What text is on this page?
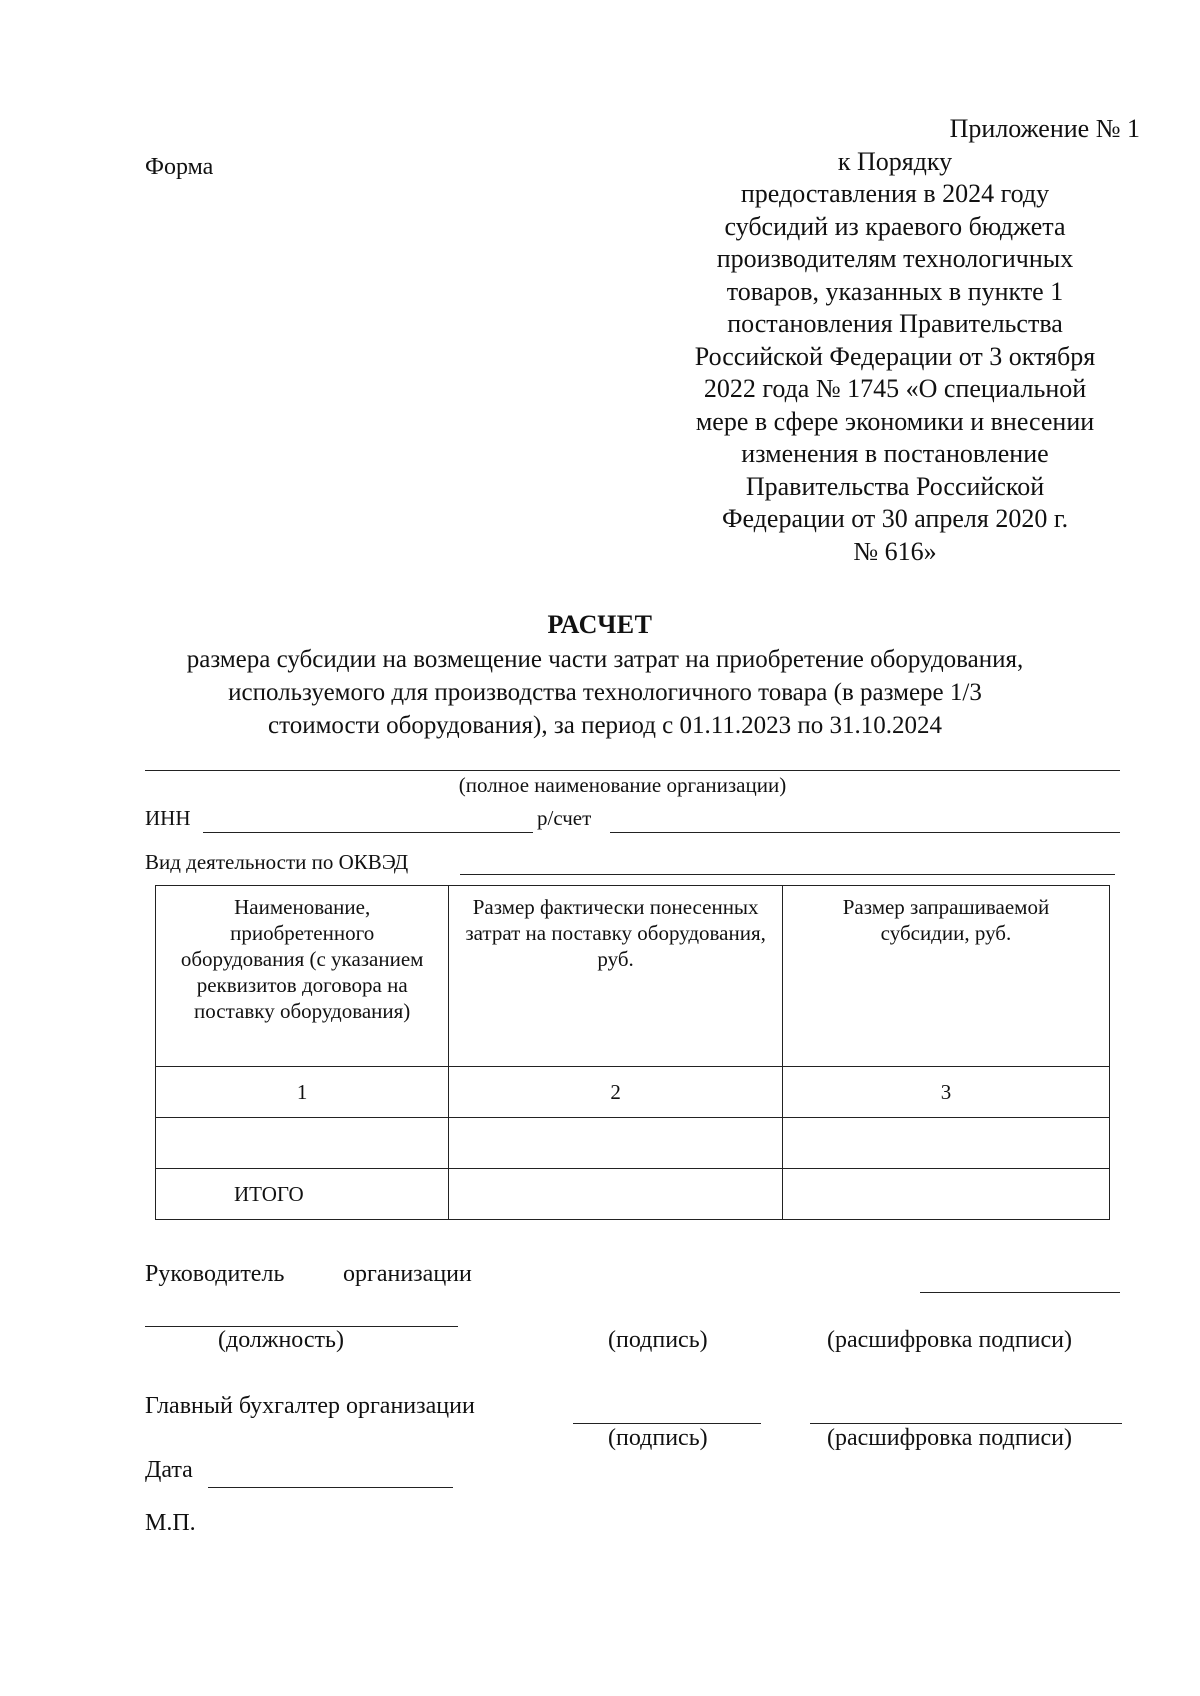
Форма
Приложение № 1
к Порядку
предоставления в 2024 году
субсидий из краевого бюджета
производителям технологичных
товаров, указанных в пункте 1
постановления Правительства
Российской Федерации от 3 октября
2022 года № 1745 «О специальной
мере в сфере экономики и внесении
изменения в постановление
Правительства Российской
Федерации от 30 апреля 2020 г.
№ 616»
РАСЧЕТ
размера субсидии на возмещение части затрат на приобретение оборудования,
используемого для производства технологичного товара (в размере 1/3
стоимости оборудования), за период с 01.11.2023 по 31.10.2024
(полное наименование организации)
ИНН	р/счет
Вид деятельности по ОКВЭД
Наименование, приобретенного оборудования (с указанием реквизитов договора на поставку оборудования)	Размер фактически понесенных затрат на поставку оборудования, руб.	Размер запрашиваемой субсидии, руб.
1	2	3

ИТОГО		
Руководитель организации
(должность)	(подпись)	(расшифровка подписи)
Главный бухгалтер организации
(подпись)	(расшифровка подписи)
Дата
М.П.
